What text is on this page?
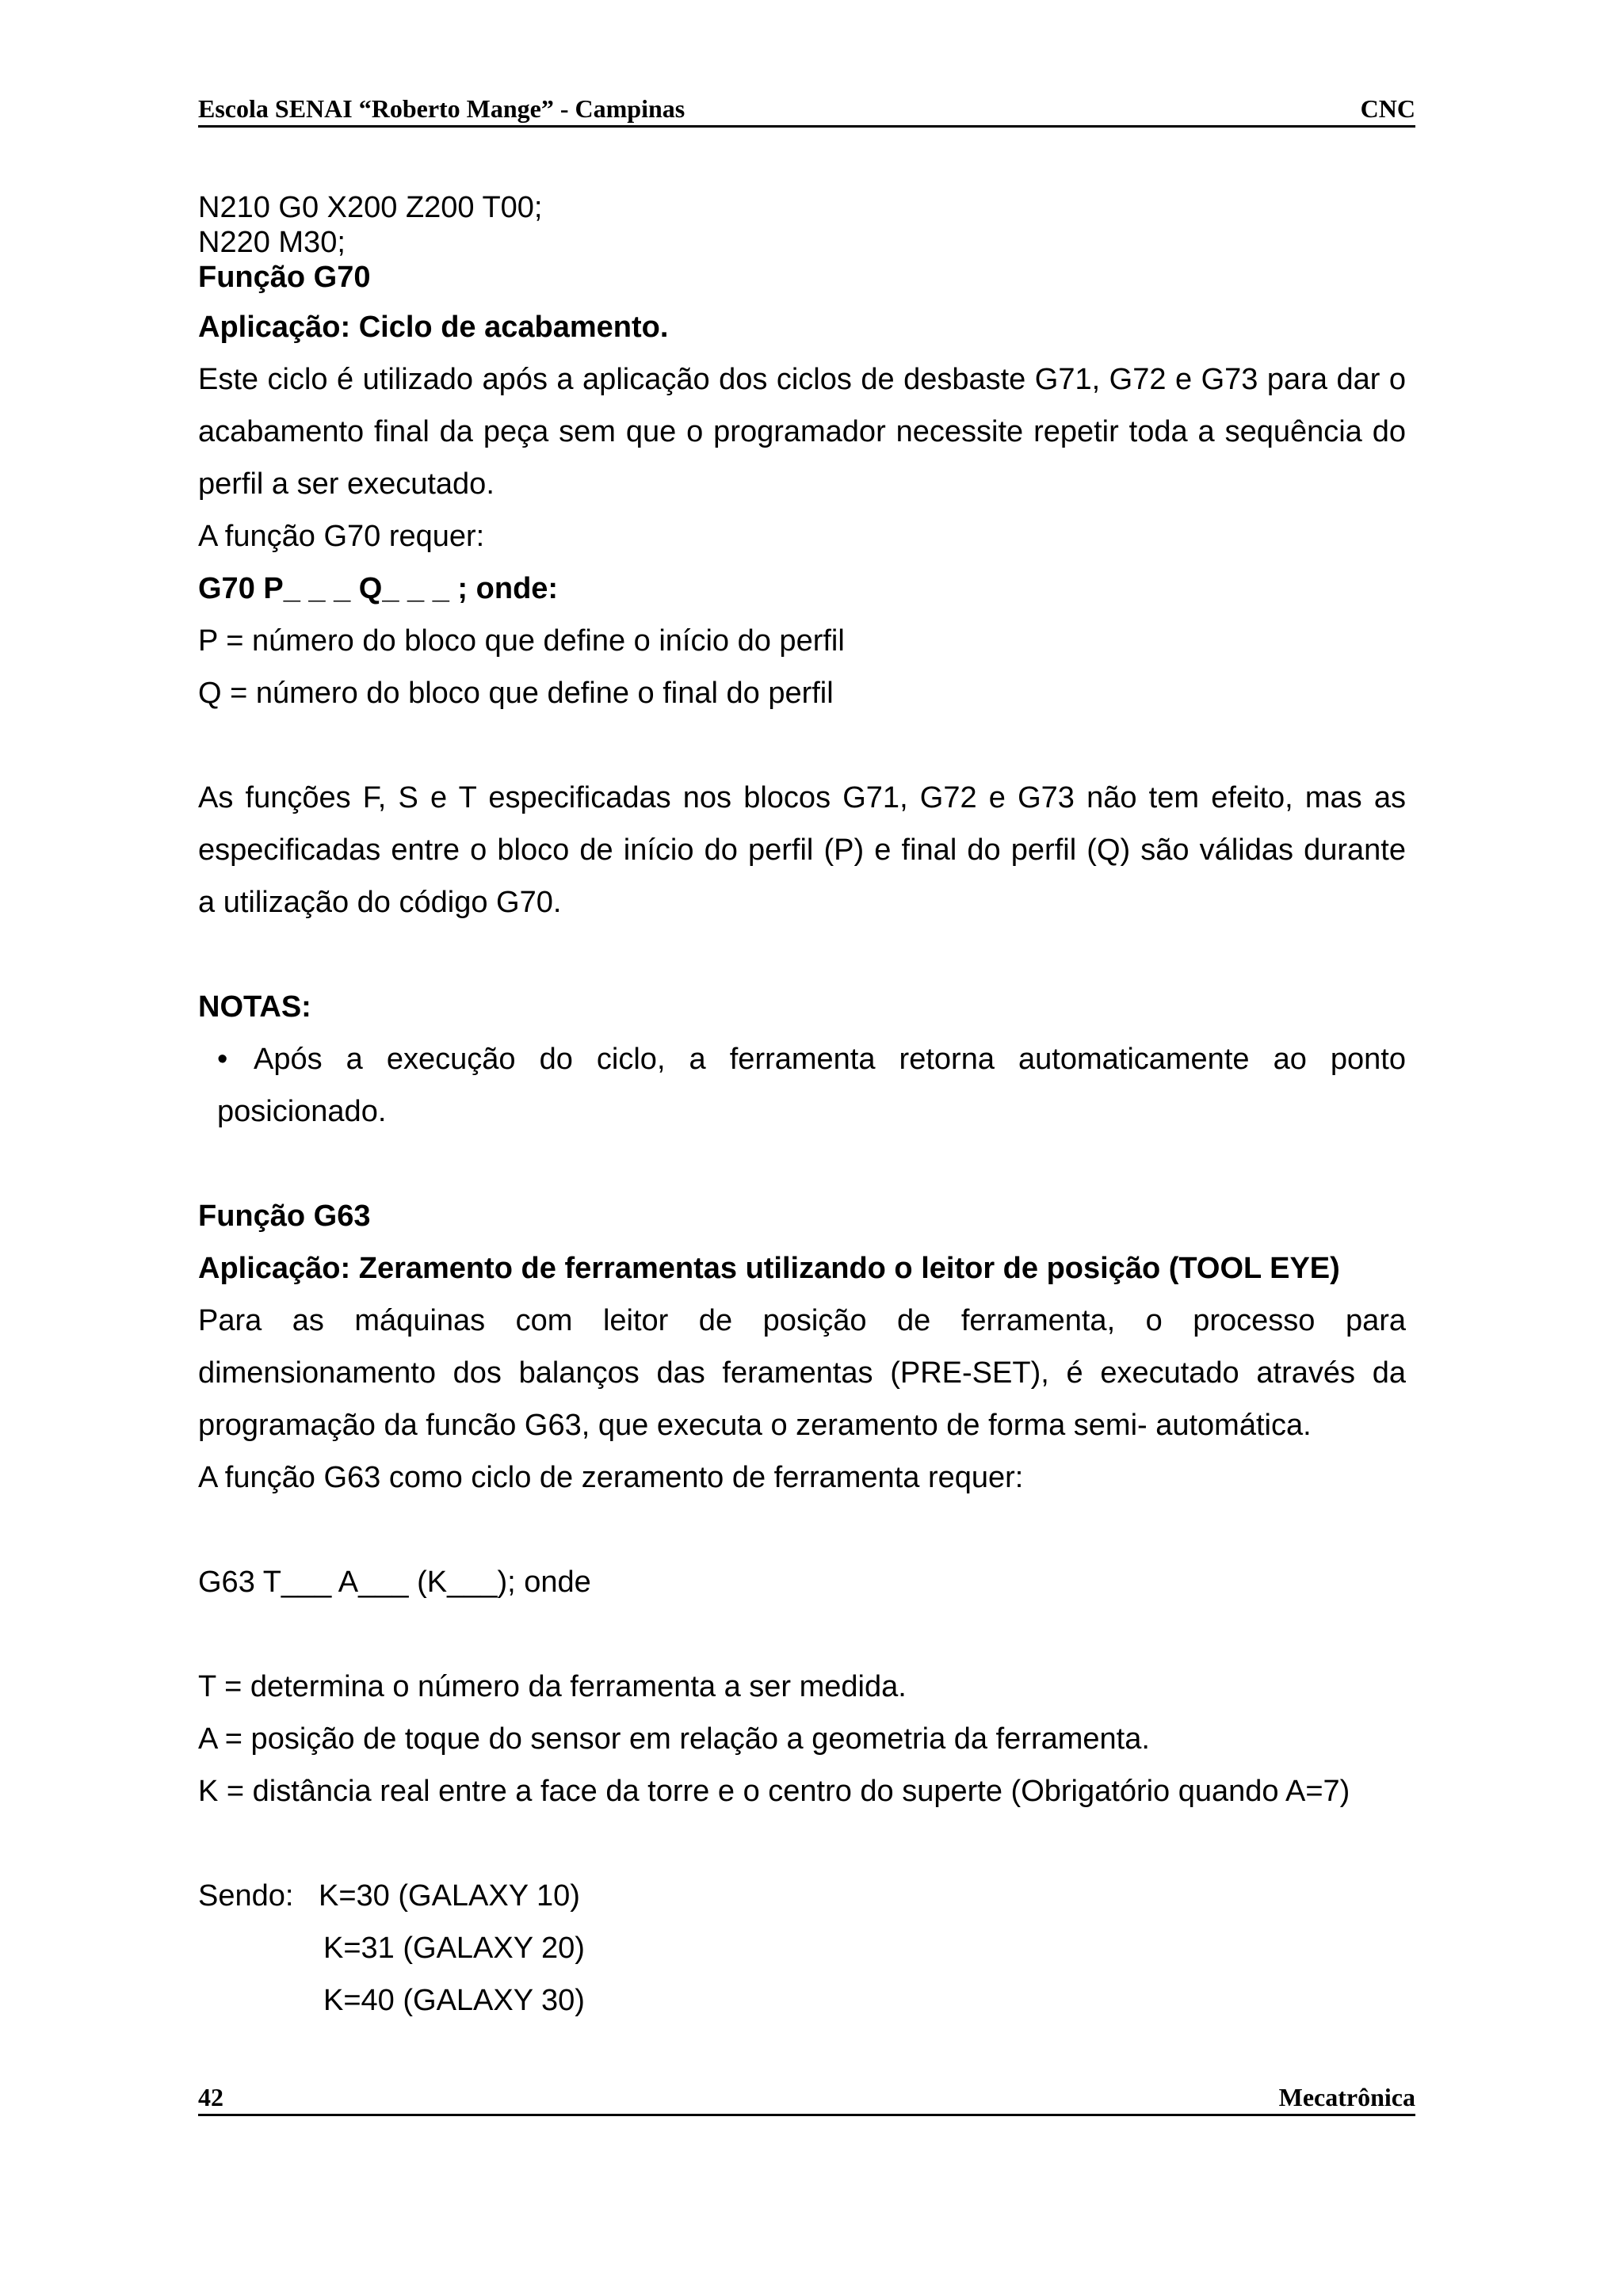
Escola SENAI “Roberto Mange” - Campinas	CNC
N210 G0 X200 Z200 T00;
N220 M30;
Função G70
Aplicação: Ciclo de acabamento.
Este ciclo é utilizado após a aplicação dos ciclos de desbaste G71, G72 e G73 para dar o
acabamento final da peça sem que o programador necessite repetir toda a sequência do
perfil a ser executado.
A função G70 requer:
G70 P_ _ _ Q_ _ _ ; onde:
P = número do bloco que define o início do perfil
Q = número do bloco que define o final do perfil
As funções F, S e T especificadas nos blocos G71, G72 e G73 não tem efeito, mas as
especificadas entre o bloco de início do perfil (P) e final do perfil (Q) são válidas durante
a utilização do código G70.
NOTAS:
• Após a execução do ciclo, a ferramenta retorna automaticamente ao ponto
posicionado.
Função G63
Aplicação: Zeramento de ferramentas utilizando o leitor de posição (TOOL EYE)
Para as máquinas com leitor de posição de ferramenta, o processo para
dimensionamento dos balanços das feramentas (PRE-SET), é executado através da
programação da funcão G63, que executa o zeramento de forma semi- automática.
A função G63 como ciclo de zeramento de ferramenta requer:
G63 T___ A___ (K___); onde
T = determina o número da ferramenta a ser medida.
A = posição de toque do sensor em relação a geometria da ferramenta.
K = distância real entre a face da torre e o centro do superte (Obrigatório quando A=7)
Sendo: K=30 (GALAXY 10)
K=31 (GALAXY 20)
K=40 (GALAXY 30)
42	Mecatrônica
